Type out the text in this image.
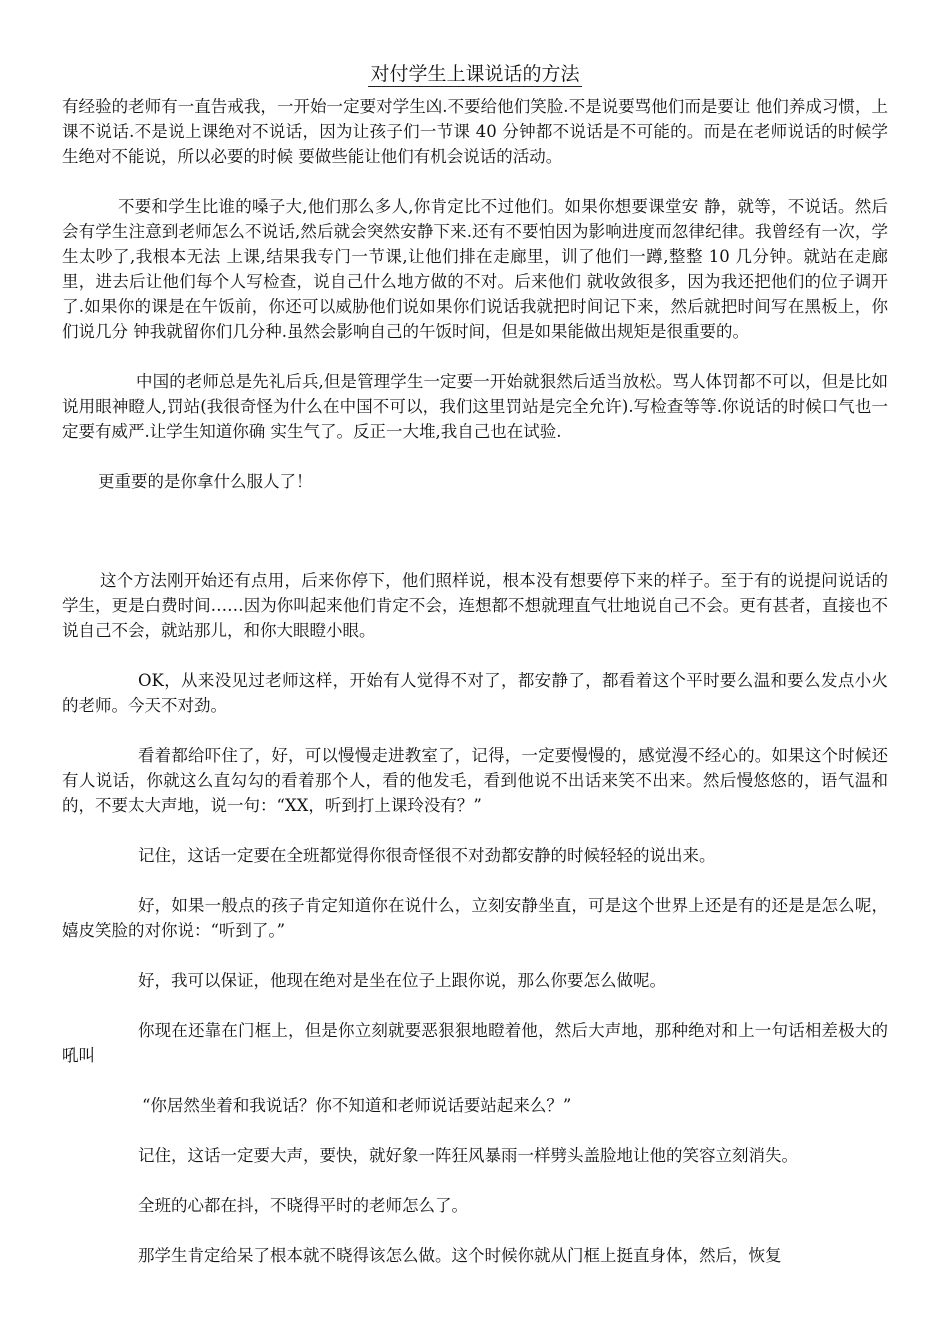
对付学生上课说话的方法

有经验的老师有一直告戒我，一开始一定要对学生凶.不要给他们笑脸.不是说要骂他们而是要让 他们养成习惯，上课不说话.不是说上课绝对不说话，因为让孩子们一节课 40 分钟都不说话是不可能的。而是在老师说话的时候学生绝对不能说，所以必要的时候 要做些能让他们有机会说话的活动。

不要和学生比谁的嗓子大,他们那么多人,你肯定比不过他们。如果你想要课堂安 静，就等，不说话。然后会有学生注意到老师怎么不说话,然后就会突然安静下来.还有不要怕因为影响进度而忽律纪律。我曾经有一次，学生太吵了,我根本无法 上课,结果我专门一节课,让他们排在走廊里，训了他们一蹲,整整 10 几分钟。就站在走廊里，进去后让他们每个人写检查，说自己什么地方做的不对。后来他们 就收敛很多，因为我还把他们的位子调开了.如果你的课是在午饭前，你还可以威胁他们说如果你们说话我就把时间记下来，然后就把时间写在黑板上，你们说几分 钟我就留你们几分种.虽然会影响自己的午饭时间，但是如果能做出规矩是很重要的。

中国的老师总是先礼后兵,但是管理学生一定要一开始就狠然后适当放松。骂人体罚都不可以，但是比如说用眼神瞪人,罚站(我很奇怪为什么在中国不可以，我们这里罚站是完全允许).写检查等等.你说话的时候口气也一定要有威严.让学生知道你确 实生气了。反正一大堆,我自己也在试验.

更重要的是你拿什么服人了！

这个方法刚开始还有点用，后来你停下，他们照样说，根本没有想要停下来的样子。至于有的说提问说话的学生，更是白费时间……因为你叫起来他们肯定不会，连想都不想就理直气壮地说自己不会。更有甚者，直接也不说自己不会，就站那儿，和你大眼瞪小眼。

OK，从来没见过老师这样，开始有人觉得不对了，都安静了，都看着这个平时要么温和要么发点小火的老师。今天不对劲。

看着都给吓住了，好，可以慢慢走进教室了，记得，一定要慢慢的，感觉漫不经心的。如果这个时候还有人说话，你就这么直勾勾的看着那个人，看的他发毛，看到他说不出话来笑不出来。然后慢悠悠的，语气温和的，不要太大声地，说一句：“XX，听到打上课玲没有？”

记住，这话一定要在全班都觉得你很奇怪很不对劲都安静的时候轻轻的说出来。

好，如果一般点的孩子肯定知道你在说什么，立刻安静坐直，可是这个世界上还是有的还是是怎么呢，嬉皮笑脸的对你说：“听到了。”

好，我可以保证，他现在绝对是坐在位子上跟你说，那么你要怎么做呢。

你现在还靠在门框上，但是你立刻就要恶狠狠地瞪着他，然后大声地，那种绝对和上一句话相差极大的吼叫

“你居然坐着和我说话？你不知道和老师说话要站起来么？”

记住，这话一定要大声，要快，就好象一阵狂风暴雨一样劈头盖脸地让他的笑容立刻消失。

全班的心都在抖，不晓得平时的老师怎么了。

那学生肯定给呆了根本就不晓得该怎么做。这个时候你就从门框上挺直身体，然后，恢复
